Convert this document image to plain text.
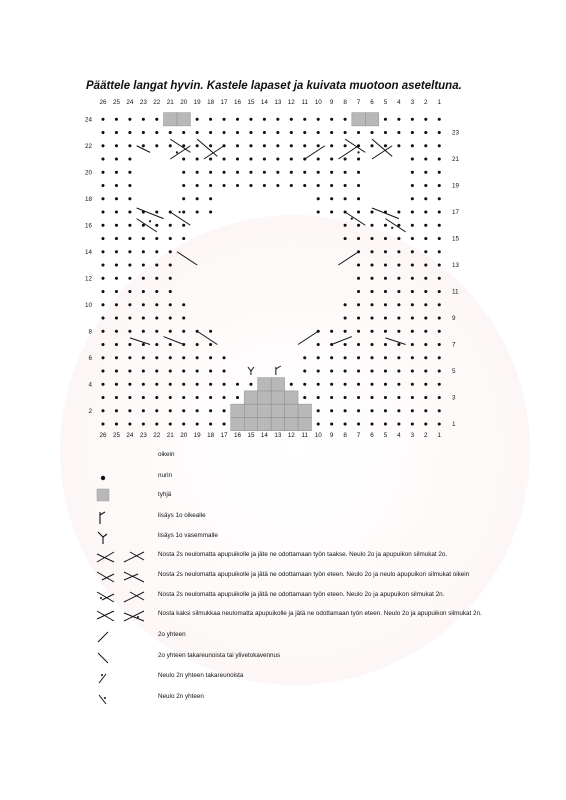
Päättele langat hyvin. Kastele lapaset ja kuivata muotoon aseteltuna.
26 25 24 23 22 21 20 19 18 17 16 15 14 13 12 11 10 9 8 7 6 5 4 3 2 1
26 25 24 23 22 21 20 19 18 17 16 15 14 13 12 11 10 9 8 7 6 5 4 3 2 1
24
22
20
18
16
14
12
10
8
6
4
2
23
21
19
17
15
13
11
9
7
5
3
1
oikein
nurin
tyhjä
lisäys 1o oikealle
lisäys 1o vasemmalle
Nosta 2s neulomatta apupuikolle ja jäte ne odottamaan työn taakse. Neulo 2o ja apupuikon silmukat 2o.
Nosta 2s neulomatta apupuikolle ja jätä ne odottamaan työn eteen. Neulo 2o ja neulo apupuikon silmukat oikein
Nosta 2s neulomatta apupuikolle ja jätä ne odottamaan työn eteen. Neulo 2o ja apupuikon silmukat 2n.
Nosta kaksi silmukkaa neulomatta apupuikolle ja jätä ne odottamaan työn eteen. Neulo 2o ja apupuikon silmukat 2n.
2o yhteen
2o yhteen takareunoista tai ylivetokavennus
Neulo 2n yhteen takareunoista
Neulo 2n yhteen
